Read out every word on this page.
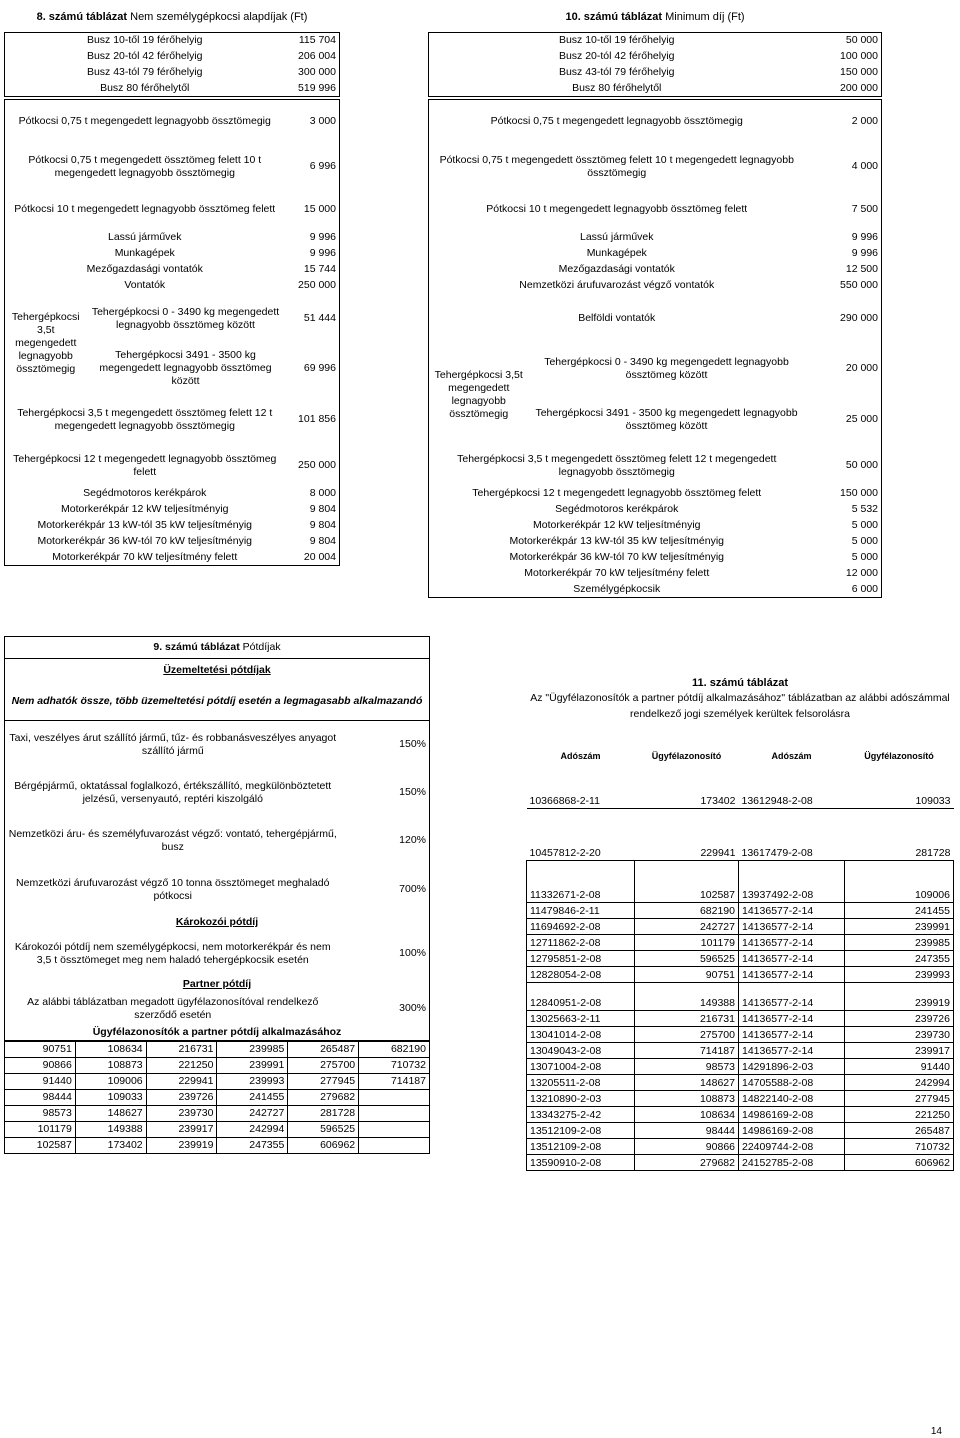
8. számú táblázat Nem személygépkocsi alapdíjak (Ft)
Busz 10-től 19 férőhelyig	115 704
Busz 20-tól 42 férőhelyig	206 004
Busz 43-tól 79 férőhelyig	300 000
Busz 80 férőhelytől	519 996
Pótkocsi 0,75 t megengedett legnagyobb össztömegig		3 000
Pótkocsi 0,75 t megengedett össztömeg felett 10 t megengedett legnagyobb össztömegig		6 996
Pótkocsi 10 t megengedett legnagyobb össztömeg felett		15 000
Lassú járművek		9 996
Munkagépek		9 996
Mezőgazdasági vontatók		15 744
Vontatók		250 000
Tehergépkocsi 3,5t megengedett legnagyobb össztömegig	Tehergépkocsi 0 - 3490 kg megengedett legnagyobb össztömeg között	51 444
	Tehergépkocsi 3491 - 3500 kg megengedett legnagyobb össztömeg között	69 996
Tehergépkocsi 3,5 t megengedett össztömeg felett 12 t megengedett legnagyobb össztömegig		101 856
Tehergépkocsi 12 t megengedett legnagyobb össztömeg felett		250 000
Segédmotoros kerékpárok		8 000
Motorkerékpár 12 kW teljesítményig		9 804
Motorkerékpár 13 kW-tól 35 kW teljesítményig		9 804
Motorkerékpár 36 kW-tól 70 kW teljesítményig		9 804
Motorkerékpár 70 kW teljesítmény felett		20 004
10. számú táblázat Minimum díj (Ft)
Busz 10-től 19 férőhelyig	50 000
Busz 20-tól 42 férőhelyig	100 000
Busz 43-tól 79 férőhelyig	150 000
Busz 80 férőhelytől	200 000
Pótkocsi 0,75 t megengedett legnagyobb össztömegig		2 000
Pótkocsi 0,75 t megengedett össztömeg felett 10 t megengedett legnagyobb össztömegig		4 000
Pótkocsi 10 t megengedett legnagyobb össztömeg felett		7 500
Lassú járművek		9 996
Munkagépek		9 996
Mezőgazdasági vontatók		12 500
Nemzetközi árufuvarozást végző vontatók		550 000
Belföldi vontatók		290 000
Tehergépkocsi 3,5t megengedett legnagyobb össztömegig	Tehergépkocsi 0 - 3490 kg megengedett legnagyobb össztömeg között	20 000
	Tehergépkocsi 3491 - 3500 kg megengedett legnagyobb össztömeg között	25 000
Tehergépkocsi 3,5 t megengedett össztömeg felett 12 t megengedett legnagyobb össztömegig		50 000
Tehergépkocsi 12 t megengedett legnagyobb össztömeg felett		150 000
Segédmotoros kerékpárok		5 532
Motorkerékpár 12 kW teljesítményig		5 000
Motorkerékpár 13 kW-tól 35 kW teljesítményig		5 000
Motorkerékpár 36 kW-tól 70 kW teljesítményig		5 000
Motorkerékpár 70 kW teljesítmény felett		12 000
Személygépkocsik		6 000
9. számú táblázat Pótdíjak	
Üzemeltetési pótdíjak	
Nem adhatók össze, több üzemeltetési pótdíj esetén a legmagasabb alkalmazandó	
Taxi, veszélyes árut szállító jármű, tűz- és robbanásveszélyes anyagot szállító jármű	150%
Bérgépjármű, oktatással foglalkozó, értékszállító, megkülönböztetett jelzésű, versenyautó, reptéri kiszolgáló	150%
Nemzetközi áru- és személyfuvarozást végző: vontató, tehergépjármű, busz	120%
Nemzetközi árufuvarozást végző 10 tonna össztömeget meghaladó pótkocsi	700%
Károkozói pótdíj	
Károkozói pótdíj nem személygépkocsi, nem motorkerékpár és nem 3,5 t össztömeget meg nem haladó tehergépkocsik esetén	100%
Partner pótdíj	
Az alábbi táblázatban megadott ügyfélazonosítóval rendelkező szerződő esetén	300%
Ügyfélazonosítók a partner pótdíj alkalmazásához	
90751	108634	216731	239985	265487	682190
90866	108873	221250	239991	275700	710732
91440	109006	229941	239993	277945	714187
98444	109033	239726	241455	279682	
98573	148627	239730	242727	281728	
101179	149388	239917	242994	596525	
102587	173402	239919	247355	606962	
11. számú táblázat
Az "Ügyfélazonosítók a partner pótdíj alkalmazásához" táblázatban az alábbi adószámmal rendelkező jogi személyek kerültek felsorolásra
Adószám	Ügyfélazonosító	Adószám	Ügyfélazonosító
10366868-2-11	173402	13612948-2-08	109033
10457812-2-20	229941	13617479-2-08	281728
11332671-2-08	102587	13937492-2-08	109006
11479846-2-11	682190	14136577-2-14	241455
11694692-2-08	242727	14136577-2-14	239991
12711862-2-08	101179	14136577-2-14	239985
12795851-2-08	596525	14136577-2-14	247355
12828054-2-08	90751	14136577-2-14	239993
12840951-2-08	149388	14136577-2-14	239919
13025663-2-11	216731	14136577-2-14	239726
13041014-2-08	275700	14136577-2-14	239730
13049043-2-08	714187	14136577-2-14	239917
13071004-2-08	98573	14291896-2-03	91440
13205511-2-08	148627	14705588-2-08	242994
13210890-2-03	108873	14822140-2-08	277945
13343275-2-42	108634	14986169-2-08	221250
13512109-2-08	98444	14986169-2-08	265487
13512109-2-08	90866	22409744-2-08	710732
13590910-2-08	279682	24152785-2-08	606962
14
